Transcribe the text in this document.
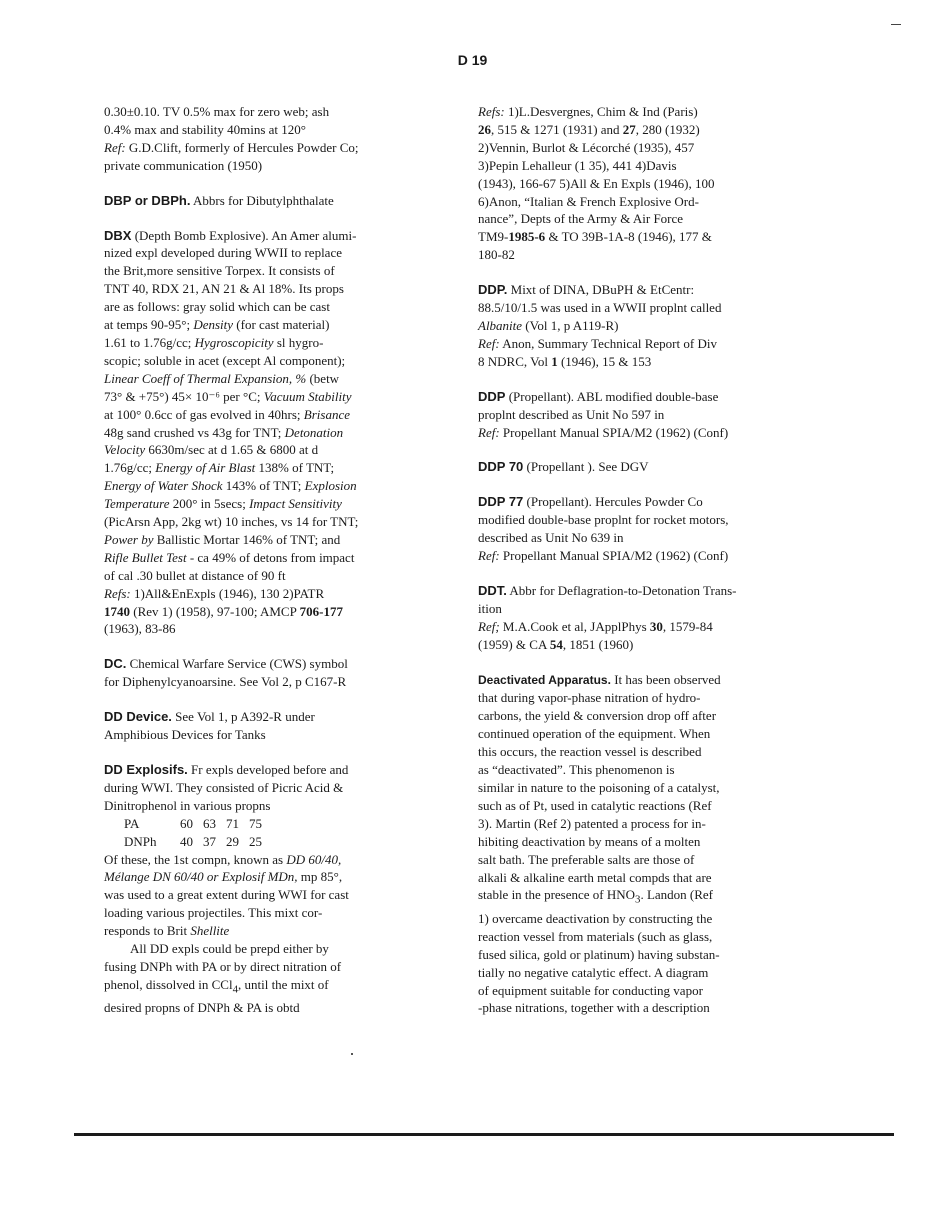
D 19
0.30±0.10. TV 0.5% max for zero web; ash
0.4% max and stability 40mins at 120°
Ref: G.D.Clift, formerly of Hercules Powder Co;
private communication (1950)
DBP or DBPh. Abbrs for Dibutylphthalate
DBX (Depth Bomb Explosive). An Amer alumi-
nized expl developed during WWII to replace
the Brit,more sensitive Torpex. It consists of
TNT 40, RDX 21, AN 21 & Al 18%. Its props
are as follows: gray solid which can be cast
at temps 90-95°; Density (for cast material)
1.61 to 1.76g/cc; Hygroscopicity sl hygro-
scopic; soluble in acet (except Al component);
Linear Coeff of Thermal Expansion, % (betw
73° & +75°) 45× 10⁻⁶ per °C; Vacuum Stability
at 100° 0.6cc of gas evolved in 40hrs; Brisance
48g sand crushed vs 43g for TNT; Detonation
Velocity 6630m/sec at d 1.65 & 6800 at d
1.76g/cc; Energy of Air Blast 138% of TNT;
Energy of Water Shock 143% of TNT; Explosion
Temperature 200° in 5secs; Impact Sensitivity
(PicArsn App, 2kg wt) 10 inches, vs 14 for TNT;
Power by Ballistic Mortar 146% of TNT; and
Rifle Bullet Test - ca 49% of detons from impact
of cal .30 bullet at distance of 90 ft
Refs: 1)All&EnExpls (1946), 130 2)PATR
1740 (Rev 1) (1958), 97-100; AMCP 706-177
(1963), 83-86
DC. Chemical Warfare Service (CWS) symbol
for Diphenylcyanoarsine. See Vol 2, p C167-R
DD Device. See Vol 1, p A392-R under
Amphibious Devices for Tanks
DD Explosifs. Fr expls developed before and
during WWI. They consisted of Picric Acid &
Dinitrophenol in various propns
PA	60	63	71	75
DNPh	40	37	29	25
Of these, the 1st compn, known as DD 60/40,
Mélange DN 60/40 or Explosif MDn, mp 85°,
was used to a great extent during WWI for cast
loading various projectiles. This mixt cor-
responds to Brit Shellite
All DD expls could be prepd either by
fusing DNPh with PA or by direct nitration of
phenol, dissolved in CCl$_4$, until the mixt of
desired propns of DNPh & PA is obtd
Refs: 1)L.Desvergnes, Chim & Ind (Paris)
26, 515 & 1271 (1931) and 27, 280 (1932)
2)Vennin, Burlot & Lécorché (1935), 457
3)Pepin Lehalleur (1 35), 441 4)Davis
(1943), 166-67 5)All & En Expls (1946), 100
6)Anon, “Italian & French Explosive Ord-
nance”, Depts of the Army & Air Force
TM9-1985-6 & TO 39B-1A-8 (1946), 177 &
180-82
DDP. Mixt of DINA, DBuPH & EtCentr:
88.5/10/1.5 was used in a WWII proplnt called
Albanite (Vol 1, p A119-R)
Ref: Anon, Summary Technical Report of Div
8 NDRC, Vol 1 (1946), 15 & 153
DDP (Propellant). ABL modified double-base
proplnt described as Unit No 597 in
Ref: Propellant Manual SPIA/M2 (1962) (Conf)
DDP 70 (Propellant ). See DGV
DDP 77 (Propellant). Hercules Powder Co
modified double-base proplnt for rocket motors,
described as Unit No 639 in
Ref: Propellant Manual SPIA/M2 (1962) (Conf)
DDT. Abbr for Deflagration-to-Detonation Trans-
ition
Ref; M.A.Cook et al, JApplPhys 30, 1579-84
(1959) & CA 54, 1851 (1960)
Deactivated Apparatus. It has been observed
that during vapor-phase nitration of hydro-
carbons, the yield & conversion drop off after
continued operation of the equipment. When
this occurs, the reaction vessel is described
as “deactivated”. This phenomenon is
similar in nature to the poisoning of a catalyst,
such as of Pt, used in catalytic reactions (Ref
3). Martin (Ref 2) patented a process for in-
hibiting deactivation by means of a molten
salt bath. The preferable salts are those of
alkali & alkaline earth metal compds that are
stable in the presence of $HNO_3$. Landon (Ref
1) overcame deactivation by constructing the
reaction vessel from materials (such as glass,
fused silica, gold or platinum) having substan-
tially no negative catalytic effect. A diagram
of equipment suitable for conducting vapor
-phase nitrations, together with a description
